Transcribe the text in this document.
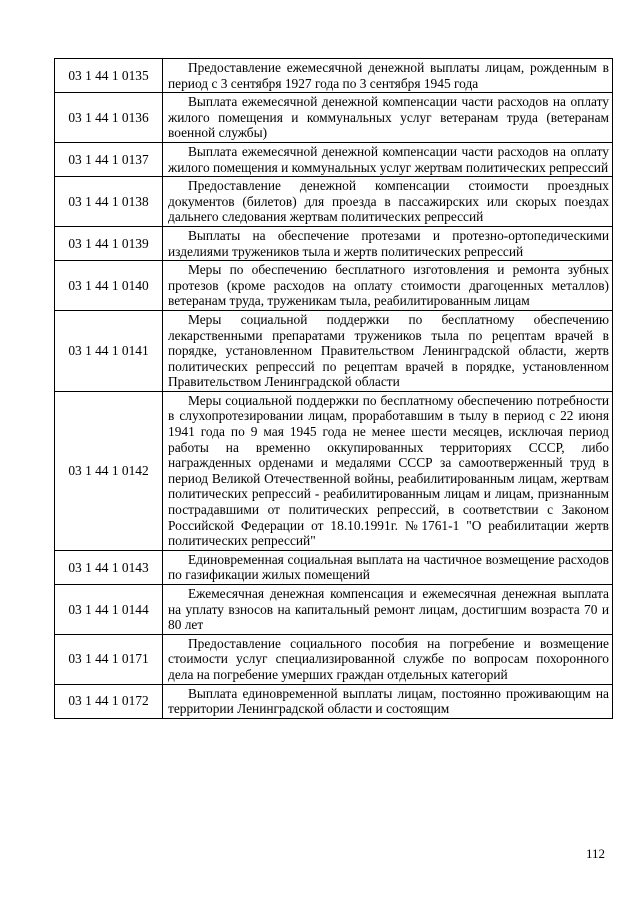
03 1 44 1 0135	Предоставление ежемесячной денежной выплаты лицам, рожденным в период с 3 сентября 1927 года по 3 сентября 1945 года
03 1 44 1 0136	Выплата ежемесячной денежной компенсации части расходов на оплату жилого помещения и коммунальных услуг ветеранам труда (ветеранам военной службы)
03 1 44 1 0137	Выплата ежемесячной денежной компенсации части расходов на оплату жилого помещения и коммунальных услуг жертвам политических репрессий
03 1 44 1 0138	Предоставление денежной компенсации стоимости проездных документов (билетов) для проезда в пассажирских или скорых поездах дальнего следования жертвам политических репрессий
03 1 44 1 0139	Выплаты на обеспечение протезами и протезно-ортопедическими изделиями тружеников тыла и жертв политических репрессий
03 1 44 1 0140	Меры по обеспечению бесплатного изготовления и ремонта зубных протезов (кроме расходов на оплату стоимости драгоценных металлов) ветеранам труда, труженикам тыла, реабилитированным лицам
03 1 44 1 0141	Меры социальной поддержки по бесплатному обеспечению лекарственными препаратами тружеников тыла по рецептам врачей в порядке, установленном Правительством Ленинградской области, жертв политических репрессий по рецептам врачей в порядке, установленном Правительством Ленинградской области
03 1 44 1 0142	Меры социальной поддержки по бесплатному обеспечению потребности в слухопротезировании лицам, проработавшим в тылу в период с 22 июня 1941 года по 9 мая 1945 года не менее шести месяцев, исключая период работы на временно оккупированных территориях СССР, либо награжденных орденами и медалями СССР за самоотверженный труд в период Великой Отечественной войны, реабилитированным лицам, жертвам политических репрессий - реабилитированным лицам и лицам, признанным пострадавшими от политических репрессий, в соответствии с Законом Российской Федерации от 18.10.1991г. №1761-1 "О реабилитации жертв политических репрессий"
03 1 44 1 0143	Единовременная социальная выплата на частичное возмещение расходов по газификации жилых помещений
03 1 44 1 0144	Ежемесячная денежная компенсация и ежемесячная денежная выплата на уплату взносов на капитальный ремонт лицам, достигшим возраста 70 и 80 лет
03 1 44 1 0171	Предоставление социального пособия на погребение и возмещение стоимости услуг специализированной службе по вопросам похоронного дела на погребение умерших граждан отдельных категорий
03 1 44 1 0172	Выплата единовременной выплаты лицам, постоянно проживающим на территории Ленинградской области и состоящим
112
